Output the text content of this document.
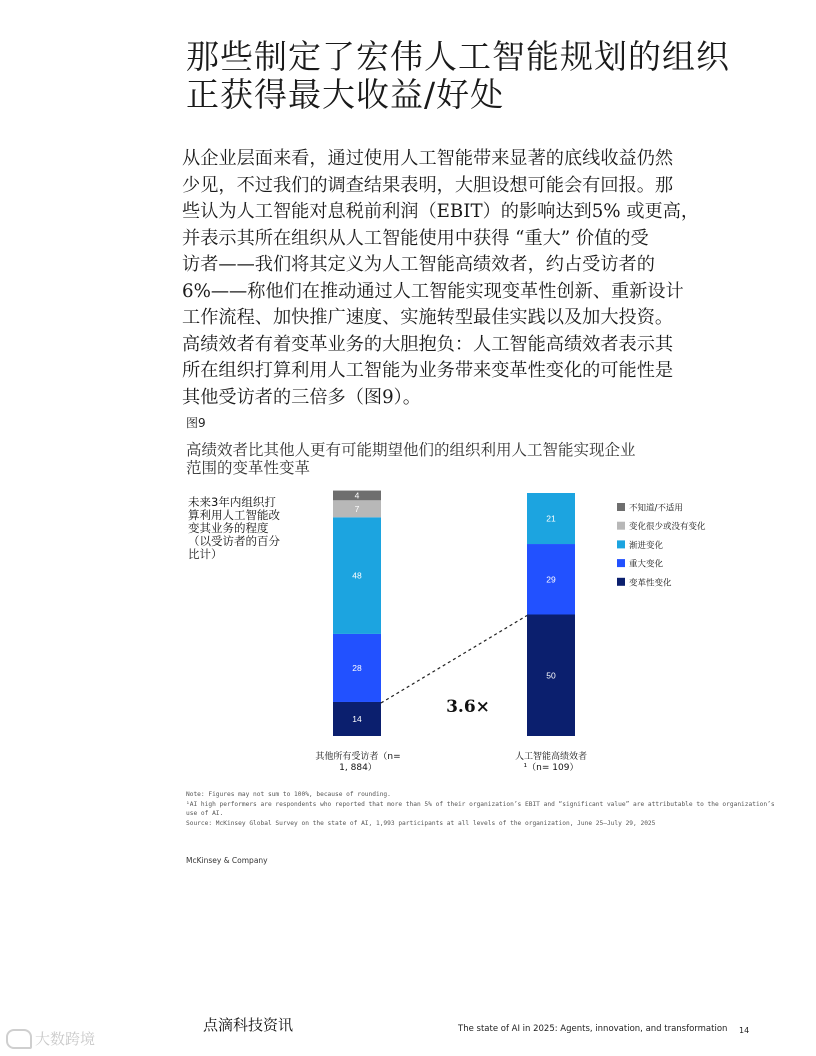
那些制定了宏伟人工智能规划的组织
正获得最大收益/好处
从企业层面来看，通过使用人工智能带来显著的底线收益仍然
少见，不过我们的调查结果表明，大胆设想可能会有回报。那
些认为人工智能对息税前利润（EBIT）的影响达到5% 或更高，
并表示其所在组织从人工智能使用中获得 “重大” 价值的受
访者——我们将其定义为人工智能高绩效者，约占受访者的
6%——称他们在推动通过人工智能实现变革性创新、重新设计
工作流程、加快推广速度、实施转型最佳实践以及加大投资。
高绩效者有着变革业务的大胆抱负：人工智能高绩效者表示其
所在组织打算利用人工智能为业务带来变革性变化的可能性是
其他受访者的三倍多（图9）。
图9
高绩效者比其他人更有可能期望他们的组织利用人工智能实现企业
范围的变革性变革
未来3年内组织打
算利用人工智能改
变其业务的程度
（以受访者的百分
比计）
14
28
48
7
4
50
29
21
3.6×
不知道/不适用
变化很少或没有变化
渐进变化
重大变化
变革性变化
其他所有受访者（n=
1, 884）
人工智能高绩效者
¹（n= 109）
Note: Figures may not sum to 100%, because of rounding.
¹AI high performers are respondents who reported that more than 5% of their organization’s EBIT and “significant value” are attributable to the organization’s
use of AI.
Source: McKinsey Global Survey on the state of AI, 1,993 participants at all levels of the organization, June 25–July 29, 2025
McKinsey & Company
点滴科技资讯	The state of AI in 2025: Agents, innovation, and transformation 14
大数跨境
